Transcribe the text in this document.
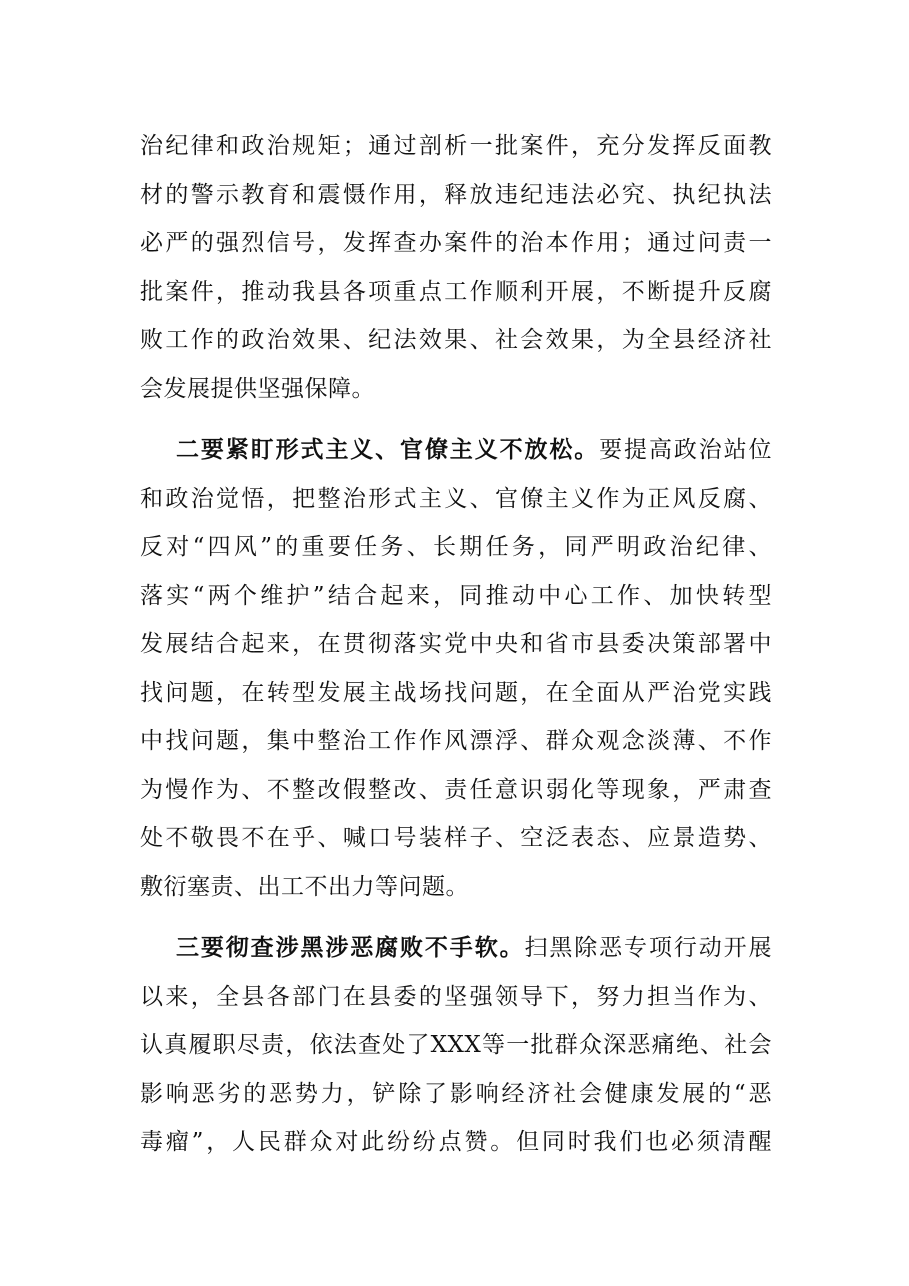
治纪律和政治规矩；通过剖析一批案件，充分发挥反面教
材的警示教育和震慑作用，释放违纪违法必究、执纪执法
必严的强烈信号，发挥查办案件的治本作用；通过问责一
批案件，推动我县各项重点工作顺利开展，不断提升反腐
败工作的政治效果、纪法效果、社会效果，为全县经济社
会发展提供坚强保障。
二要紧盯形式主义、官僚主义不放松。要提高政治站位
和政治觉悟，把整治形式主义、官僚主义作为正风反腐、
反对“四风”的重要任务、长期任务，同严明政治纪律、
落实“两个维护”结合起来，同推动中心工作、加快转型
发展结合起来，在贯彻落实党中央和省市县委决策部署中
找问题，在转型发展主战场找问题，在全面从严治党实践
中找问题，集中整治工作作风漂浮、群众观念淡薄、不作
为慢作为、不整改假整改、责任意识弱化等现象，严肃查
处不敬畏不在乎、喊口号装样子、空泛表态、应景造势、
敷衍塞责、出工不出力等问题。
三要彻查涉黑涉恶腐败不手软。扫黑除恶专项行动开展
以来，全县各部门在县委的坚强领导下，努力担当作为、
认真履职尽责，依法查处了XXX等一批群众深恶痛绝、社会
影响恶劣的恶势力，铲除了影响经济社会健康发展的“恶
毒瘤”，人民群众对此纷纷点赞。但同时我们也必须清醒
